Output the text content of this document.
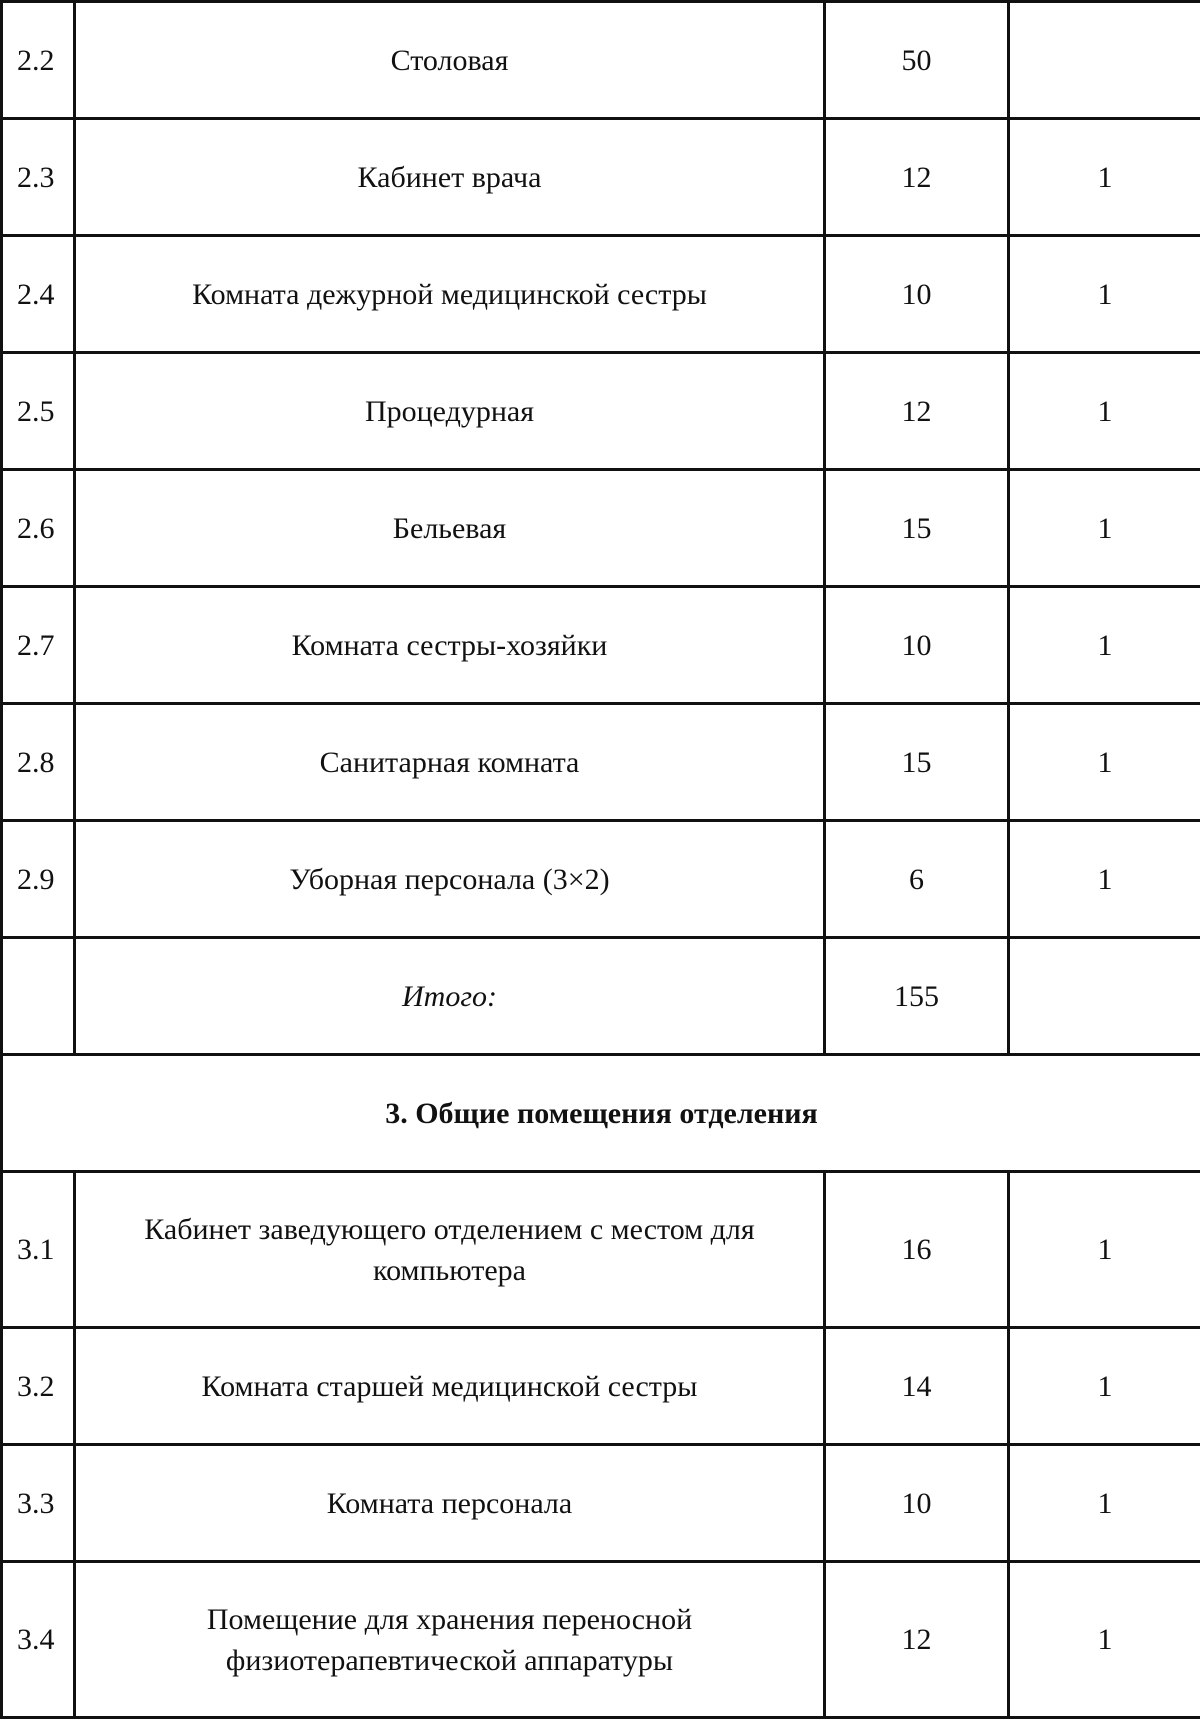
2.2	Столовая	50	
2.3	Кабинет врача	12	1
2.4	Комната дежурной медицинской сестры	10	1
2.5	Процедурная	12	1
2.6	Бельевая	15	1
2.7	Комната сестры-хозяйки	10	1
2.8	Санитарная комната	15	1
2.9	Уборная персонала (3×2)	6	1
	Итого:	155	
3. Общие помещения отделения			
3.1	Кабинет заведующего отделением с местом для компьютера	16	1
3.2	Комната старшей медицинской сестры	14	1
3.3	Комната персонала	10	1
3.4	Помещение для хранения переносной физиотерапевтической аппаратуры	12	1
